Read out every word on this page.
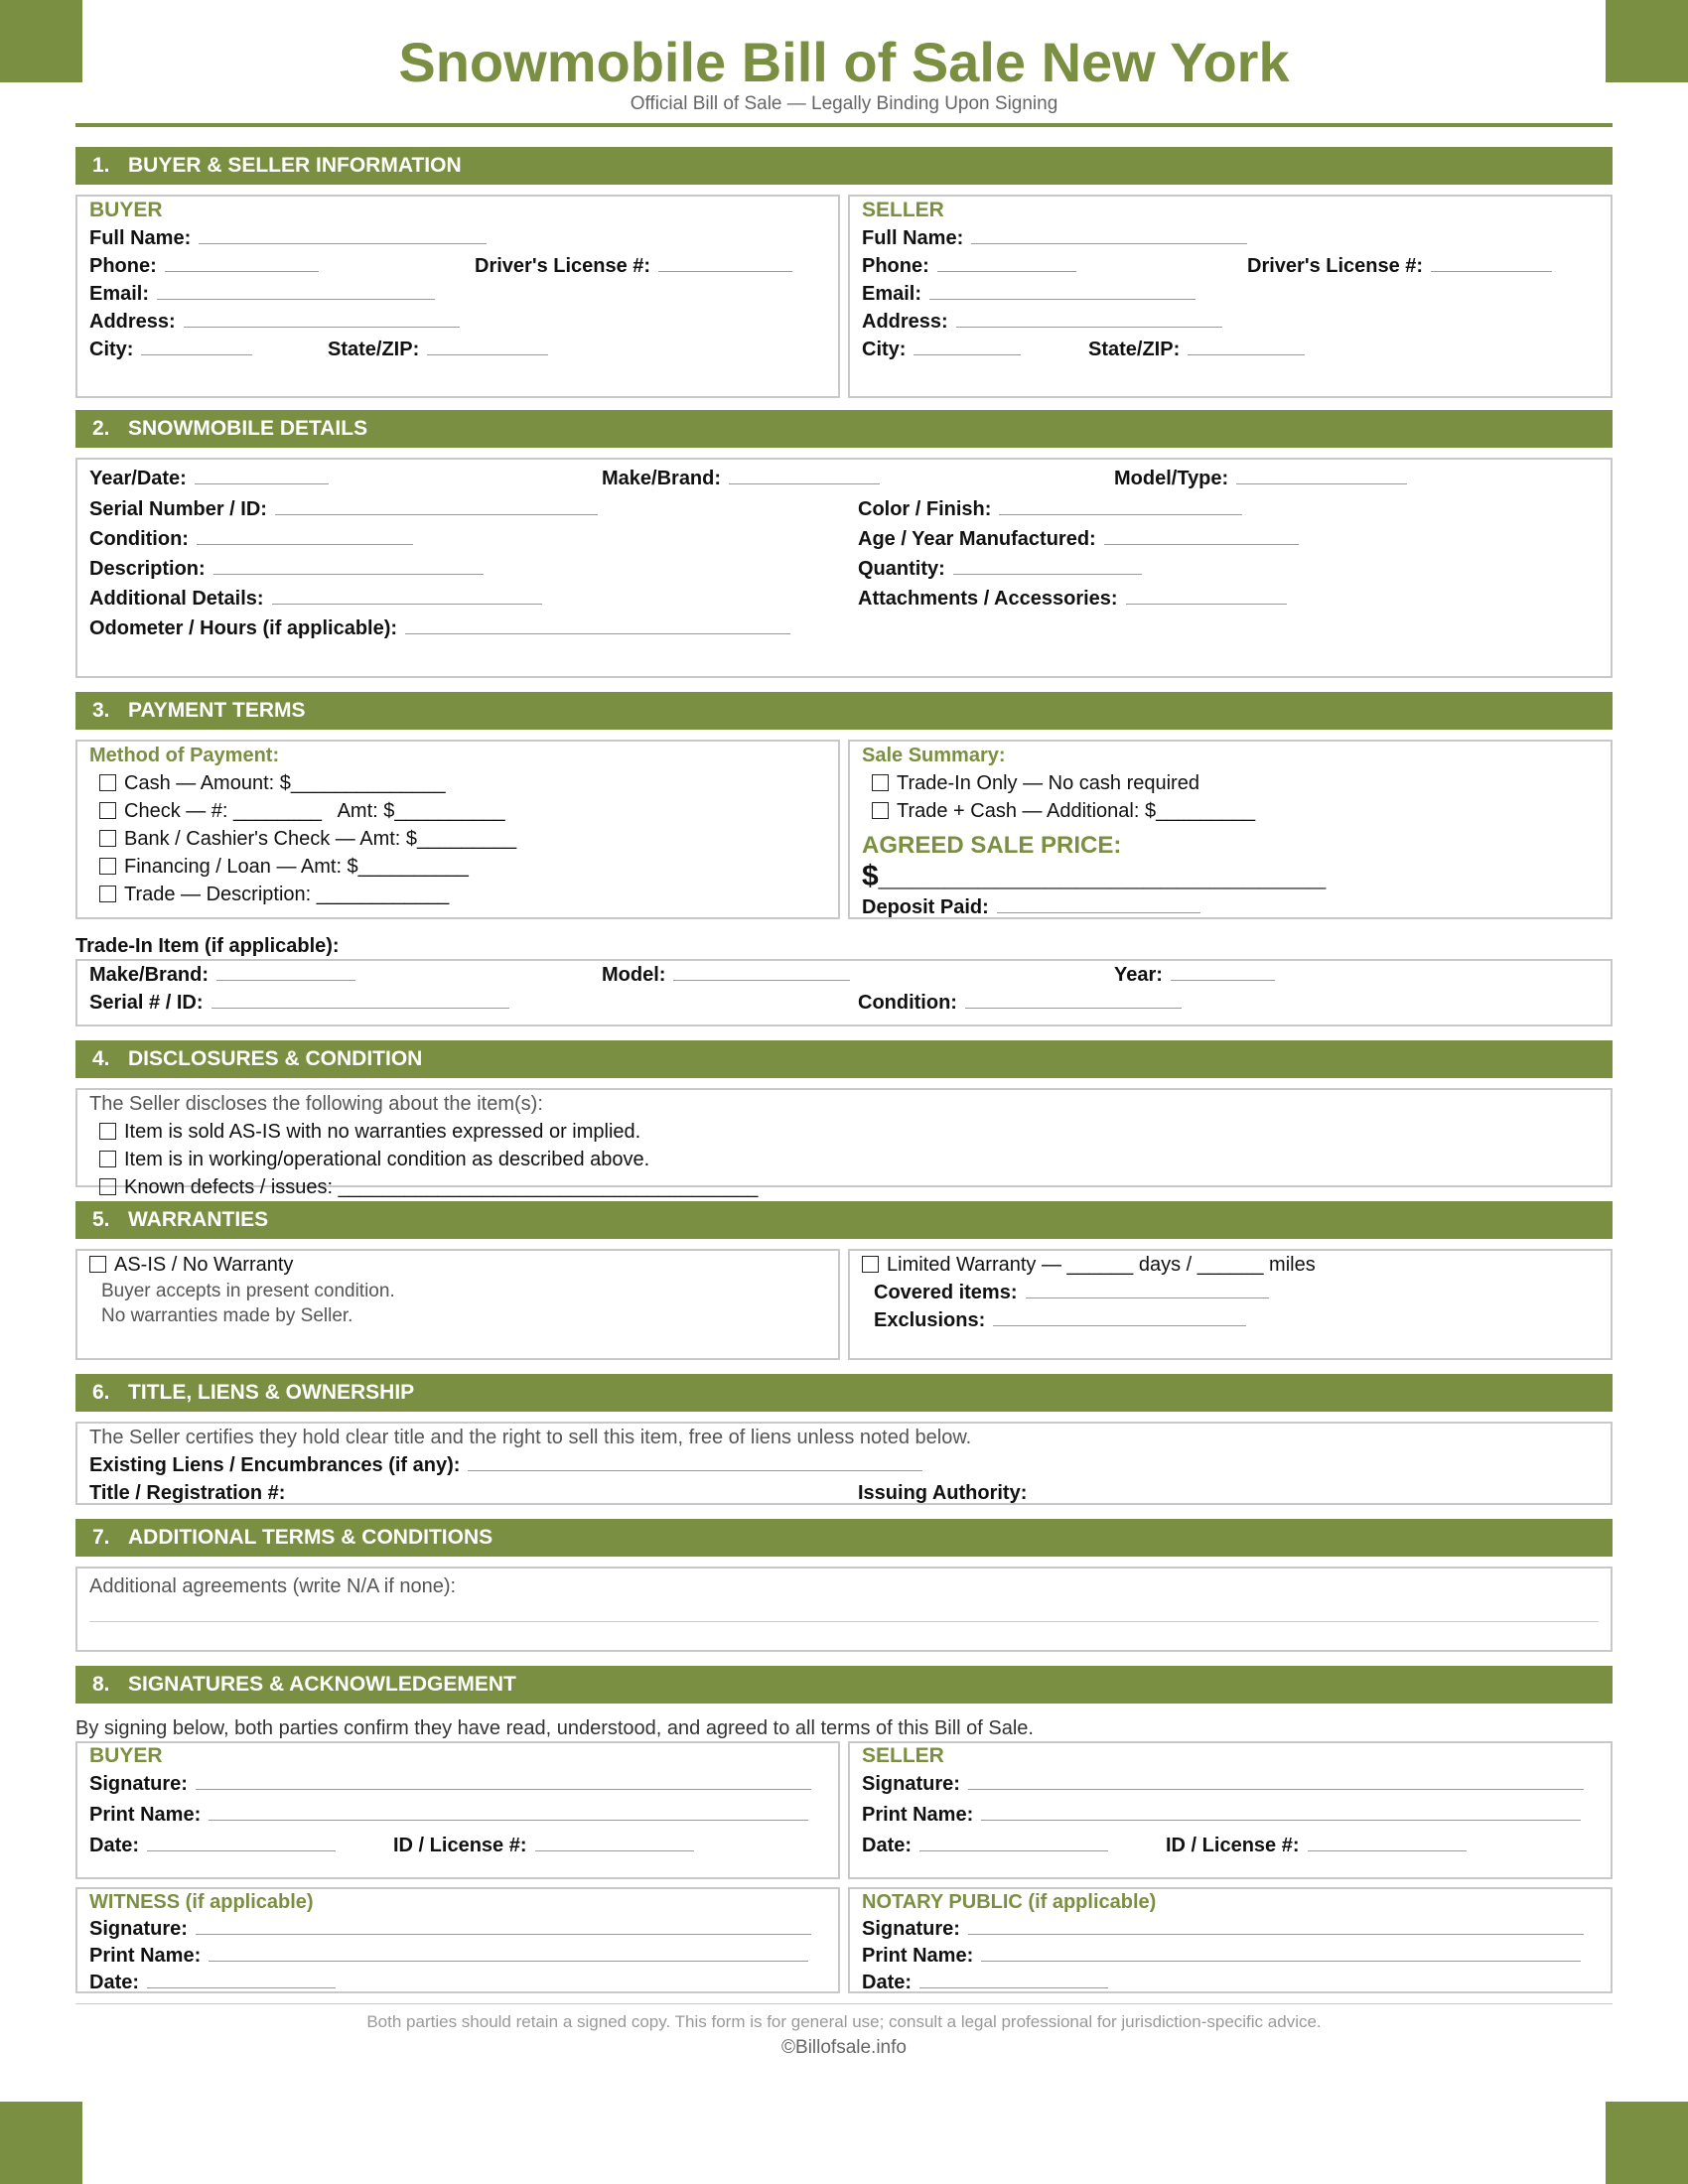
Snowmobile Bill of Sale New York
Official Bill of Sale — Legally Binding Upon Signing
1. BUYER & SELLER INFORMATION
BUYER
Full Name:
Phone:	Driver's License #:
Email:
Address:
City:	State/ZIP:
SELLER
Full Name:
Phone:	Driver's License #:
Email:
Address:
City:	State/ZIP:
2. SNOWMOBILE DETAILS
Year/Date:	Make/Brand:	Model/Type:
Serial Number / ID:	Color / Finish:
Condition:	Age / Year Manufactured:
Description:	Quantity:
Additional Details:	Attachments / Accessories:
Odometer / Hours (if applicable):
3. PAYMENT TERMS
Method of Payment:
Cash — Amount: $______________
Check — #: ________   Amt: $__________
Bank / Cashier's Check — Amt: $_________
Financing / Loan — Amt: $__________
Trade — Description: ____________
Sale Summary:
Trade-In Only — No cash required
Trade + Cash — Additional: $_________
AGREED SALE PRICE:
$___________________________
Deposit Paid:
Trade-In Item (if applicable):
Make/Brand:	Model:	Year:
Serial # / ID:	Condition:
4. DISCLOSURES & CONDITION
The Seller discloses the following about the item(s):
Item is sold AS-IS with no warranties expressed or implied.
Item is in working/operational condition as described above.
Known defects / issues: ______________________________________
5. WARRANTIES
AS-IS / No Warranty
Buyer accepts in present condition.
No warranties made by Seller.
Limited Warranty — ______ days / ______ miles
Covered items:
Exclusions:
6. TITLE, LIENS & OWNERSHIP
The Seller certifies they hold clear title and the right to sell this item, free of liens unless noted below.
Existing Liens / Encumbrances (if any):
Title / Registration #:	Issuing Authority:
7. ADDITIONAL TERMS & CONDITIONS
Additional agreements (write N/A if none):
8. SIGNATURES & ACKNOWLEDGEMENT
By signing below, both parties confirm they have read, understood, and agreed to all terms of this Bill of Sale.
BUYER
Signature:
Print Name:
Date:	ID / License #:
SELLER
Signature:
Print Name:
Date:	ID / License #:
WITNESS (if applicable)
Signature:
Print Name:
Date:
NOTARY PUBLIC (if applicable)
Signature:
Print Name:
Date:
Both parties should retain a signed copy. This form is for general use; consult a legal professional for jurisdiction-specific advice.
©Billofsale.info
